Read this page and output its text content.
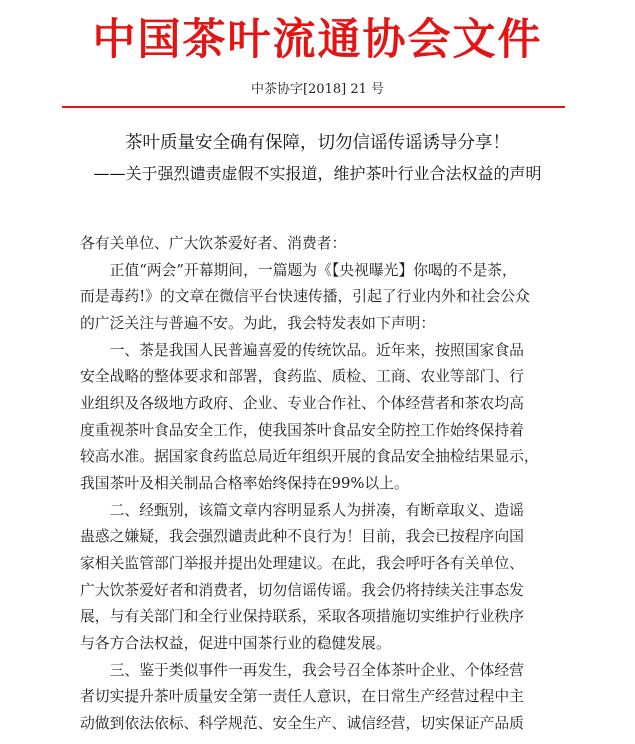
中国茶叶流通协会文件
中茶协字[2018] 21 号
茶叶质量安全确有保障，切勿信谣传谣诱导分享！
——关于强烈谴责虚假不实报道，维护茶叶行业合法权益的声明
各有关单位、广大饮茶爱好者、消费者：
　　正值“两会”开幕期间，一篇题为《【央视曝光】你喝的不是茶，
而是毒药!》的文章在微信平台快速传播，引起了行业内外和社会公众
的广泛关注与普遍不安。为此，我会特发表如下声明：
　　一、茶是我国人民普遍喜爱的传统饮品。近年来，按照国家食品
安全战略的整体要求和部署，食药监、质检、工商、农业等部门、行
业组织及各级地方政府、企业、专业合作社、个体经营者和茶农均高
度重视茶叶食品安全工作，使我国茶叶食品安全防控工作始终保持着
较高水准。据国家食药监总局近年组织开展的食品安全抽检结果显示，
我国茶叶及相关制品合格率始终保持在99%以上。
　　二、经甄别，该篇文章内容明显系人为拼凑，有断章取义、造谣
蛊惑之嫌疑，我会强烈谴责此种不良行为！目前，我会已按程序向国
家相关监管部门举报并提出处理建议。在此，我会呼吁各有关单位、
广大饮茶爱好者和消费者，切勿信谣传谣。我会仍将持续关注事态发
展，与有关部门和全行业保持联系，采取各项措施切实维护行业秩序
与各方合法权益，促进中国茶行业的稳健发展。
　　三、鉴于类似事件一再发生，我会号召全体茶叶企业、个体经营
者切实提升茶叶质量安全第一责任人意识，在日常生产经营过程中主
动做到依法依标、科学规范、安全生产、诚信经营，切实保证产品质
